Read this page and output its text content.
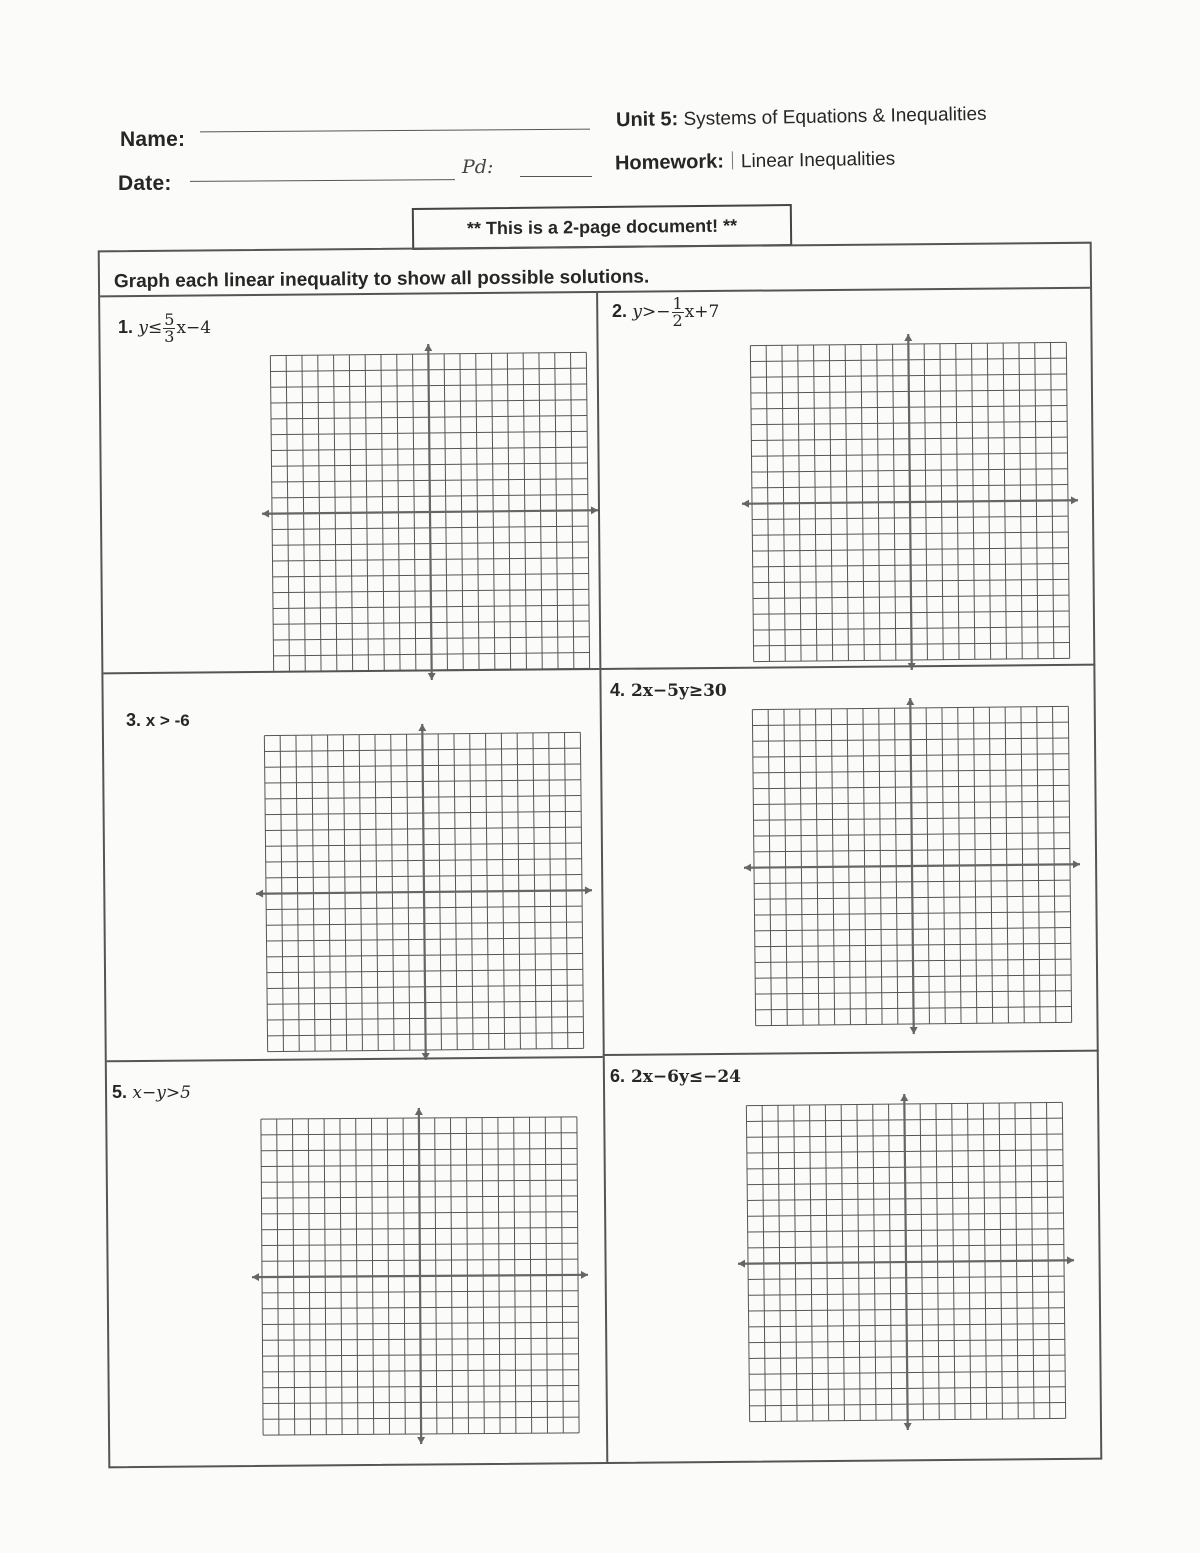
Name:
Date:
Pd:
Unit 5: Systems of Equations & Inequalities
Homework: Linear Inequalities
** This is a 2-page document! **
Graph each linear inequality to show all possible solutions.
1. $y\le \frac{5}{3} x-4$
2. $y>- \frac{1}{2} x+7$
3. x > -6
4. 2x−5y≥30
5. x−y>5
6. 2x−6y≤−24
